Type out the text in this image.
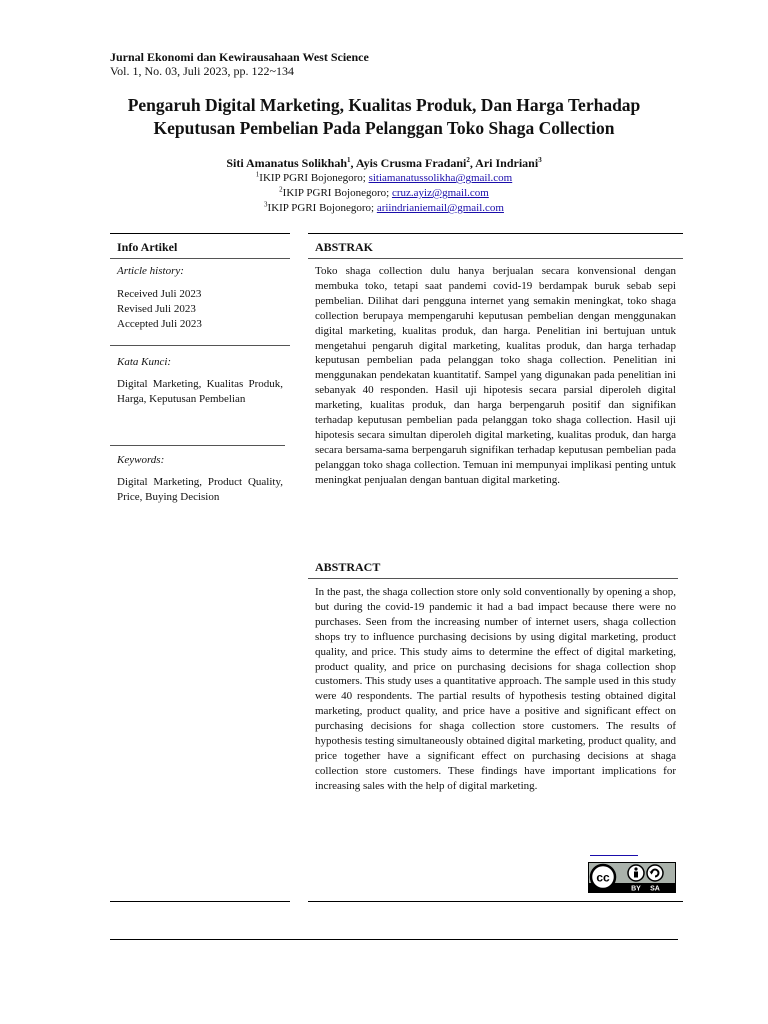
Jurnal Ekonomi dan Kewirausahaan West Science
Vol. 1, No. 03, Juli 2023, pp. 122~134
Pengaruh Digital Marketing, Kualitas Produk, Dan Harga Terhadap
Keputusan Pembelian Pada Pelanggan Toko Shaga Collection
Siti Amanatus Solikhah$^1$, Ayis Crusma Fradani$^2$, Ari Indriani$^3$
$^1$IKIP PGRI Bojonegoro; sitiamanatussolikha@gmail.com
$^2$IKIP PGRI Bojonegoro; cruz.ayiz@gmail.com
$^3$IKIP PGRI Bojonegoro; ariindrianiemail@gmail.com
Info Artikel
Article history:
Received Juli 2023
Revised Juli 2023
Accepted Juli 2023
Kata Kunci:
Digital Marketing, Kualitas Produk, Harga, Keputusan Pembelian
Keywords:
Digital Marketing, Product Quality, Price, Buying Decision
ABSTRAK
Toko shaga collection dulu hanya berjualan secara konvensional dengan membuka toko, tetapi saat pandemi covid-19 berdampak buruk sebab sepi pembelian. Dilihat dari pengguna internet yang semakin meningkat, toko shaga collection berupaya mempengaruhi keputusan pembelian dengan menggunakan digital marketing, kualitas produk, dan harga. Penelitian ini bertujuan untuk mengetahui pengaruh digital marketing, kualitas produk, dan harga terhadap keputusan pembelian pada pelanggan toko shaga collection. Penelitian ini menggunakan pendekatan kuantitatif. Sampel yang digunakan pada penelitian ini sebanyak 40 responden. Hasil uji hipotesis secara parsial diperoleh digital marketing, kualitas produk, dan harga berpengaruh positif dan signifikan terhadap keputusan pembelian pada pelanggan toko shaga collection. Hasil uji hipotesis secara simultan diperoleh digital marketing, kualitas produk, dan harga secara bersama-sama berpengaruh signifikan terhadap keputusan pembelian pada pelanggan toko shaga collection. Temuan ini mempunyai implikasi penting untuk meningkat penjualan dengan bantuan digital marketing.
ABSTRACT
In the past, the shaga collection store only sold conventionally by opening a shop, but during the covid-19 pandemic it had a bad impact because there were no purchases. Seen from the increasing number of internet users, shaga collection shops try to influence purchasing decisions by using digital marketing, product quality, and price. This study aims to determine the effect of digital marketing, product quality, and price on purchasing decisions for shaga collection shop customers. This study uses a quantitative approach. The sample used in this study were 40 respondents. The partial results of hypothesis testing obtained digital marketing, product quality, and price have a positive and significant effect on purchasing decisions for shaga collection store customers. The results of hypothesis testing simultaneously obtained digital marketing, product quality, and price together have a significant effect on purchasing decisions at shaga collection store customers. These findings have important implications for increasing sales with the help of digital marketing.
cc
BY SA
